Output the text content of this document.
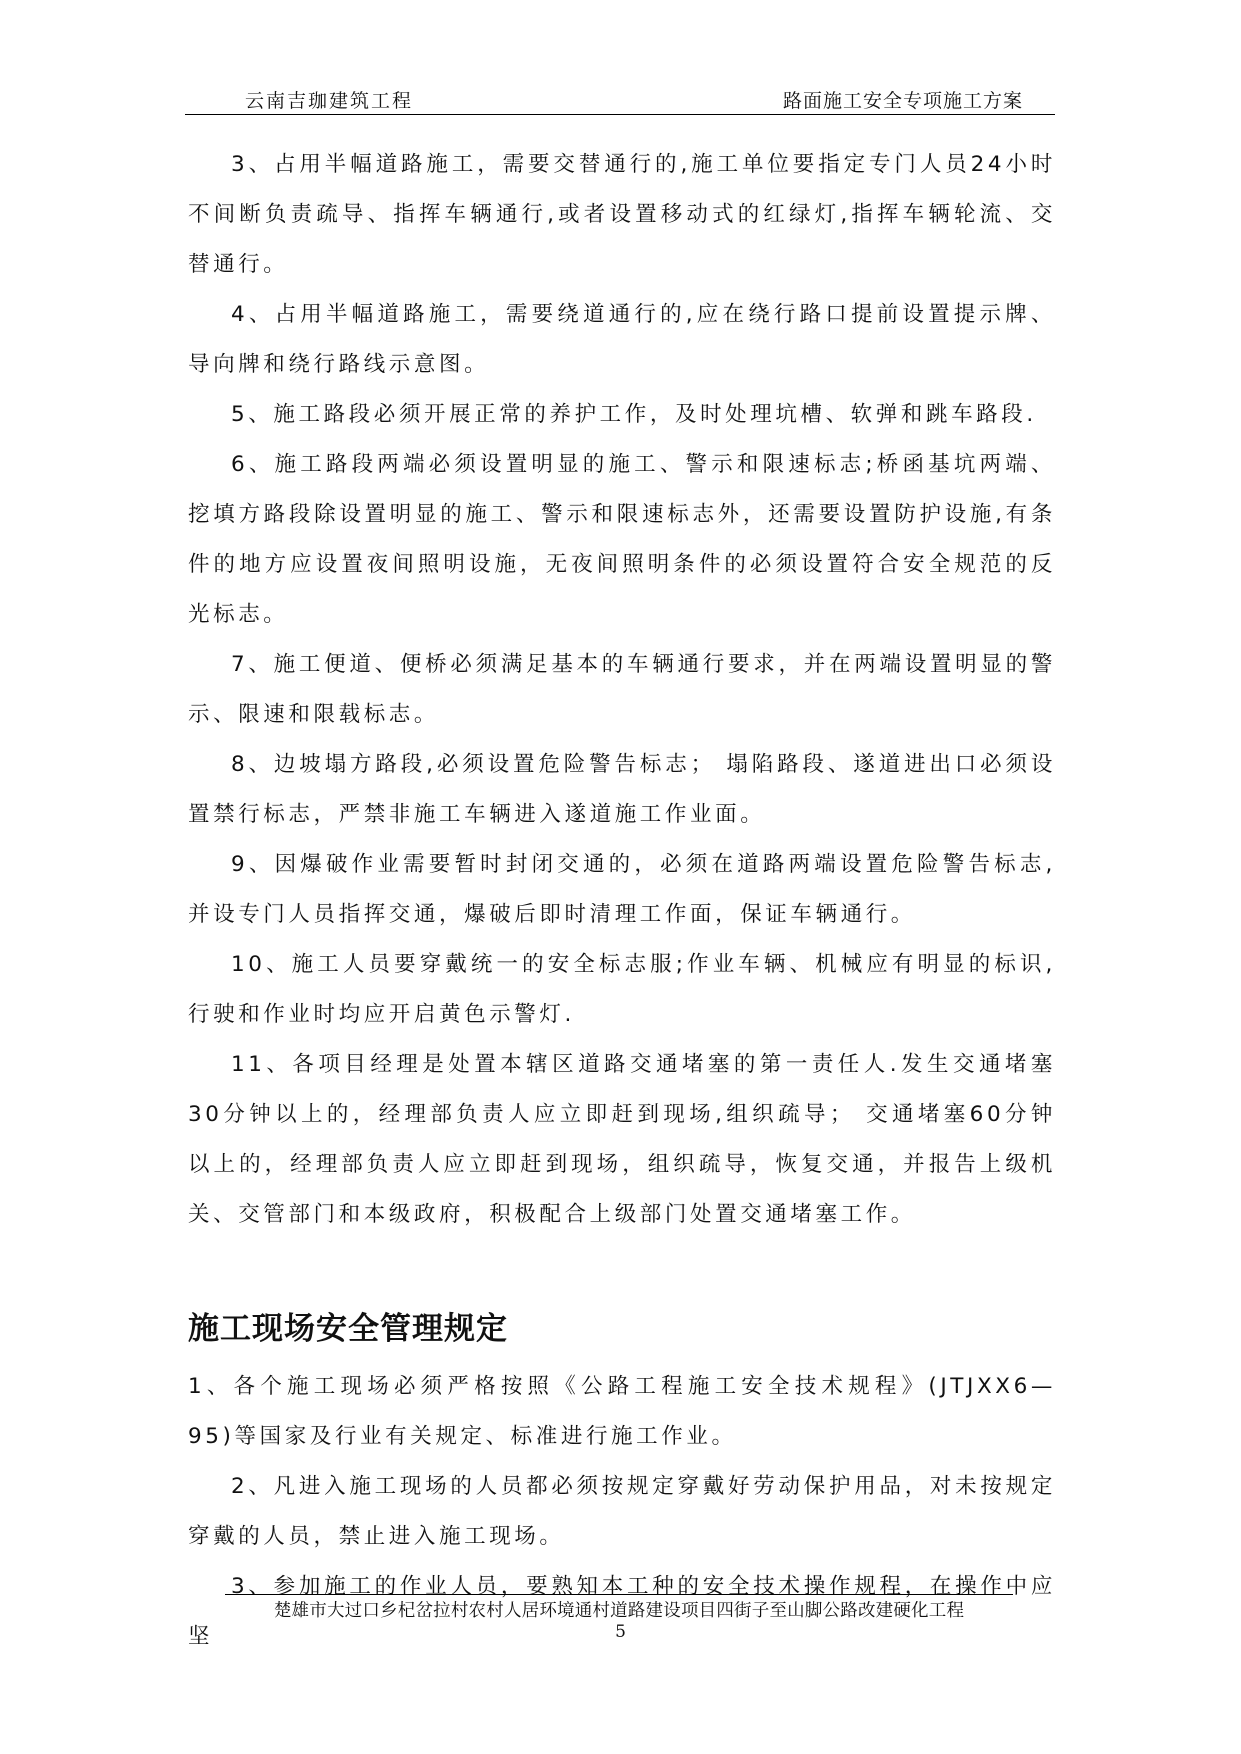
云南吉珈建筑工程	路面施工安全专项施工方案

3、占用半幅道路施工，需要交替通行的,施工单位要指定专门人员24小时不间断负责疏导、指挥车辆通行,或者设置移动式的红绿灯,指挥车辆轮流、交替通行。

4、占用半幅道路施工，需要绕道通行的,应在绕行路口提前设置提示牌、导向牌和绕行路线示意图。

5、施工路段必须开展正常的养护工作，及时处理坑槽、软弹和跳车路段.

6、施工路段两端必须设置明显的施工、警示和限速标志;桥函基坑两端、挖填方路段除设置明显的施工、警示和限速标志外，还需要设置防护设施,有条件的地方应设置夜间照明设施，无夜间照明条件的必须设置符合安全规范的反光标志。

7、施工便道、便桥必须满足基本的车辆通行要求，并在两端设置明显的警示、限速和限载标志。

8、边坡塌方路段,必须设置危险警告标志； 塌陷路段、遂道进出口必须设置禁行标志，严禁非施工车辆进入遂道施工作业面。

9、因爆破作业需要暂时封闭交通的，必须在道路两端设置危险警告标志,并设专门人员指挥交通，爆破后即时清理工作面，保证车辆通行。

10、施工人员要穿戴统一的安全标志服;作业车辆、机械应有明显的标识,行驶和作业时均应开启黄色示警灯.

11、各项目经理是处置本辖区道路交通堵塞的第一责任人.发生交通堵塞30分钟以上的，经理部负责人应立即赶到现场,组织疏导； 交通堵塞60分钟以上的，经理部负责人应立即赶到现场，组织疏导，恢复交通，并报告上级机关、交管部门和本级政府，积极配合上级部门处置交通堵塞工作。

施工现场安全管理规定

1、各个施工现场必须严格按照《公路工程施工安全技术规程》(JTJXX6—95)等国家及行业有关规定、标准进行施工作业。

2、凡进入施工现场的人员都必须按规定穿戴好劳动保护用品，对未按规定穿戴的人员，禁止进入施工现场。

3、参加施工的作业人员，要熟知本工种的安全技术操作规程，在操作中应坚

楚雄市大过口乡杞岔拉村农村人居环境通村道路建设项目四街子至山脚公路改建硬化工程
5
